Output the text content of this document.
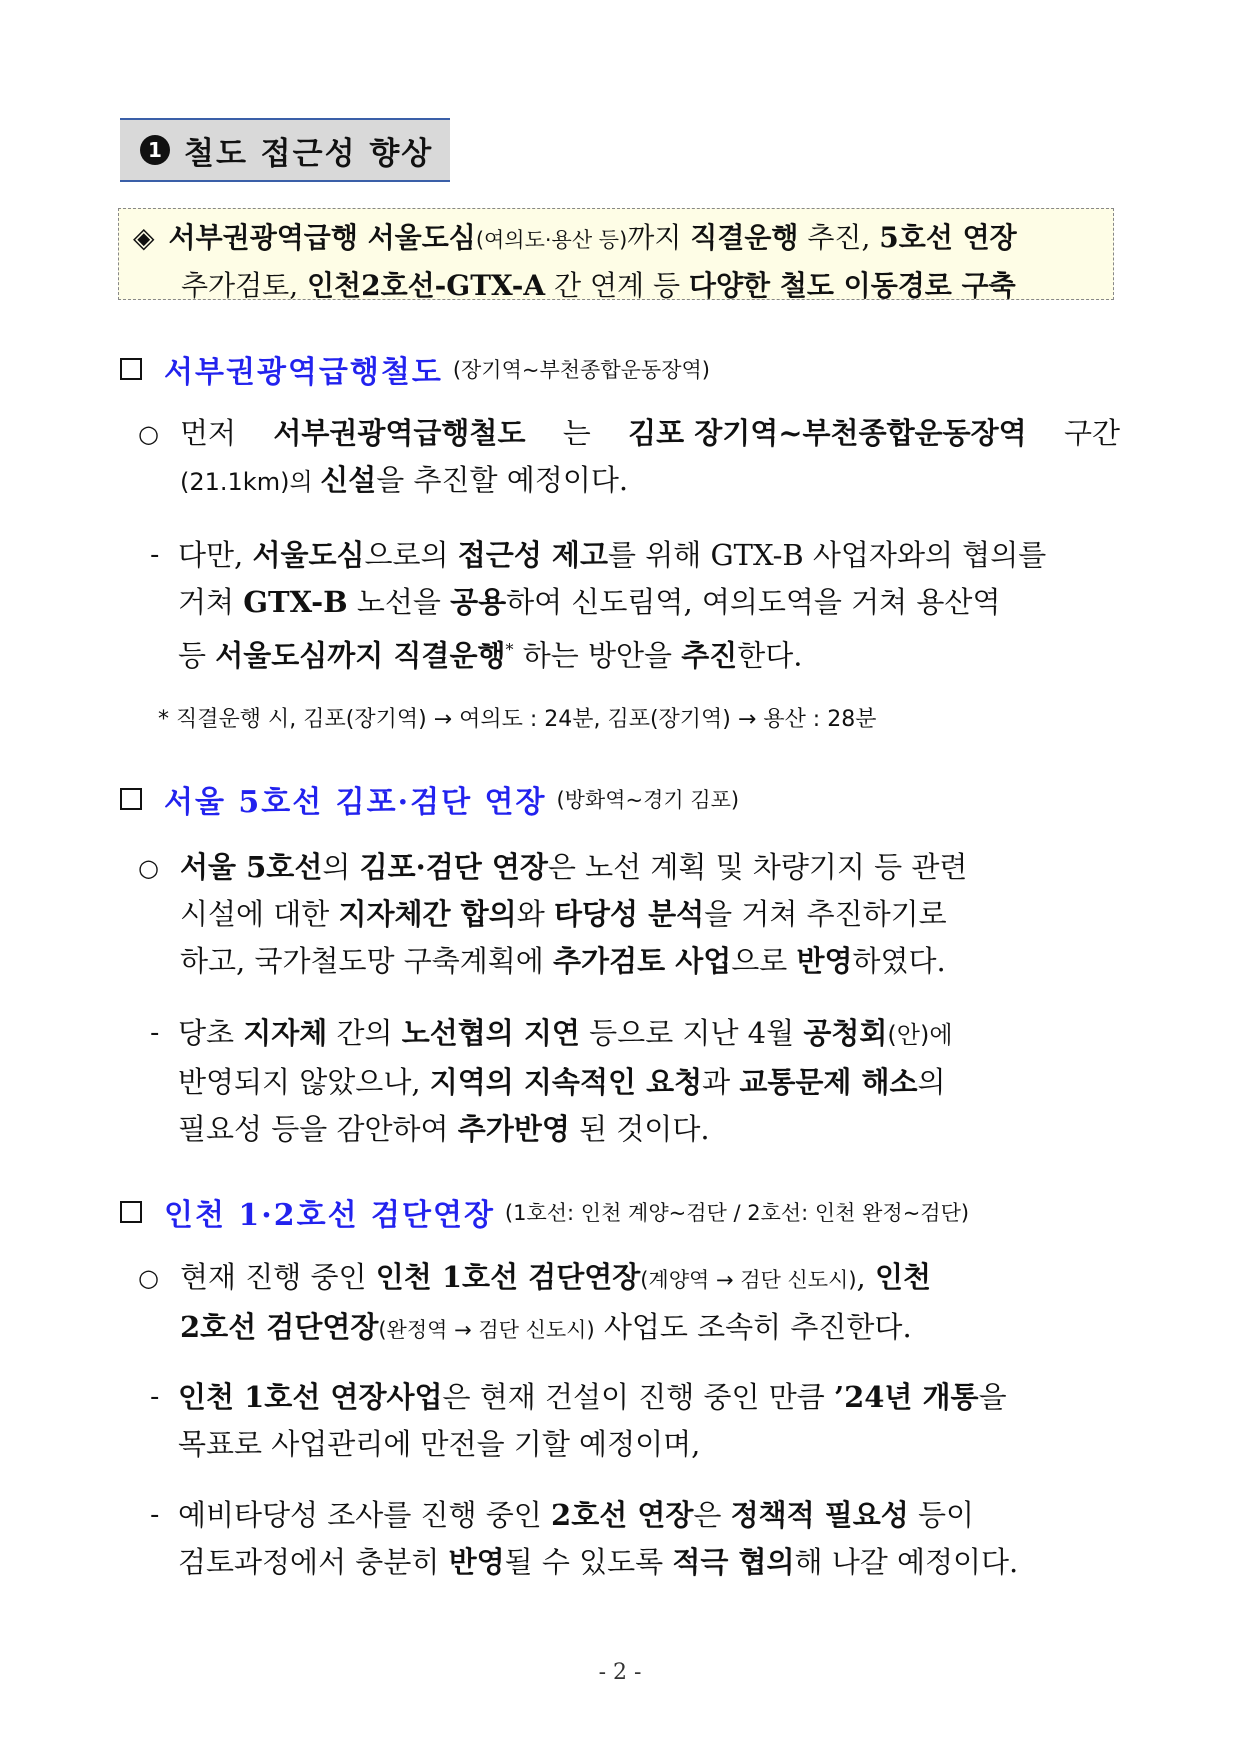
1 철도 접근성 향상
◈ 서부권광역급행 서울도심(여의도·용산 등)까지 직결운행 추진, 5호선 연장
추가검토, 인천2호선-GTX-A 간 연계 등 다양한 철도 이동경로 구축
서부권광역급행철도 (장기역~부천종합운동장역)
○ 먼저 서부권광역급행철도 는 김포 장기역~부천종합운동장역 구간
(21.1km)의 신설을 추진할 예정이다.
- 다만, 서울도심으로의 접근성 제고를 위해 GTX-B 사업자와의 협의를
거쳐 GTX-B 노선을 공용하여 신도림역, 여의도역을 거쳐 용산역
등 서울도심까지 직결운행* 하는 방안을 추진한다.
* 직결운행 시, 김포(장기역) → 여의도 : 24분, 김포(장기역) → 용산 : 28분
서울 5호선 김포·검단 연장 (방화역~경기 김포)
○ 서울 5호선의 김포·검단 연장은 노선 계획 및 차량기지 등 관련
시설에 대한 지자체간 합의와 타당성 분석을 거쳐 추진하기로
하고, 국가철도망 구축계획에 추가검토 사업으로 반영하였다.
- 당초 지자체 간의 노선협의 지연 등으로 지난 4월 공청회(안)에
반영되지 않았으나, 지역의 지속적인 요청과 교통문제 해소의
필요성 등을 감안하여 추가반영 된 것이다.
인천 1·2호선 검단연장 (1호선: 인천 계양~검단 / 2호선: 인천 완정~검단)
○ 현재 진행 중인 인천 1호선 검단연장(계양역 → 검단 신도시), 인천
2호선 검단연장(완정역 → 검단 신도시) 사업도 조속히 추진한다.
- 인천 1호선 연장사업은 현재 건설이 진행 중인 만큼 ’24년 개통을
목표로 사업관리에 만전을 기할 예정이며,
- 예비타당성 조사를 진행 중인 2호선 연장은 정책적 필요성 등이
검토과정에서 충분히 반영될 수 있도록 적극 협의해 나갈 예정이다.
- 2 -
